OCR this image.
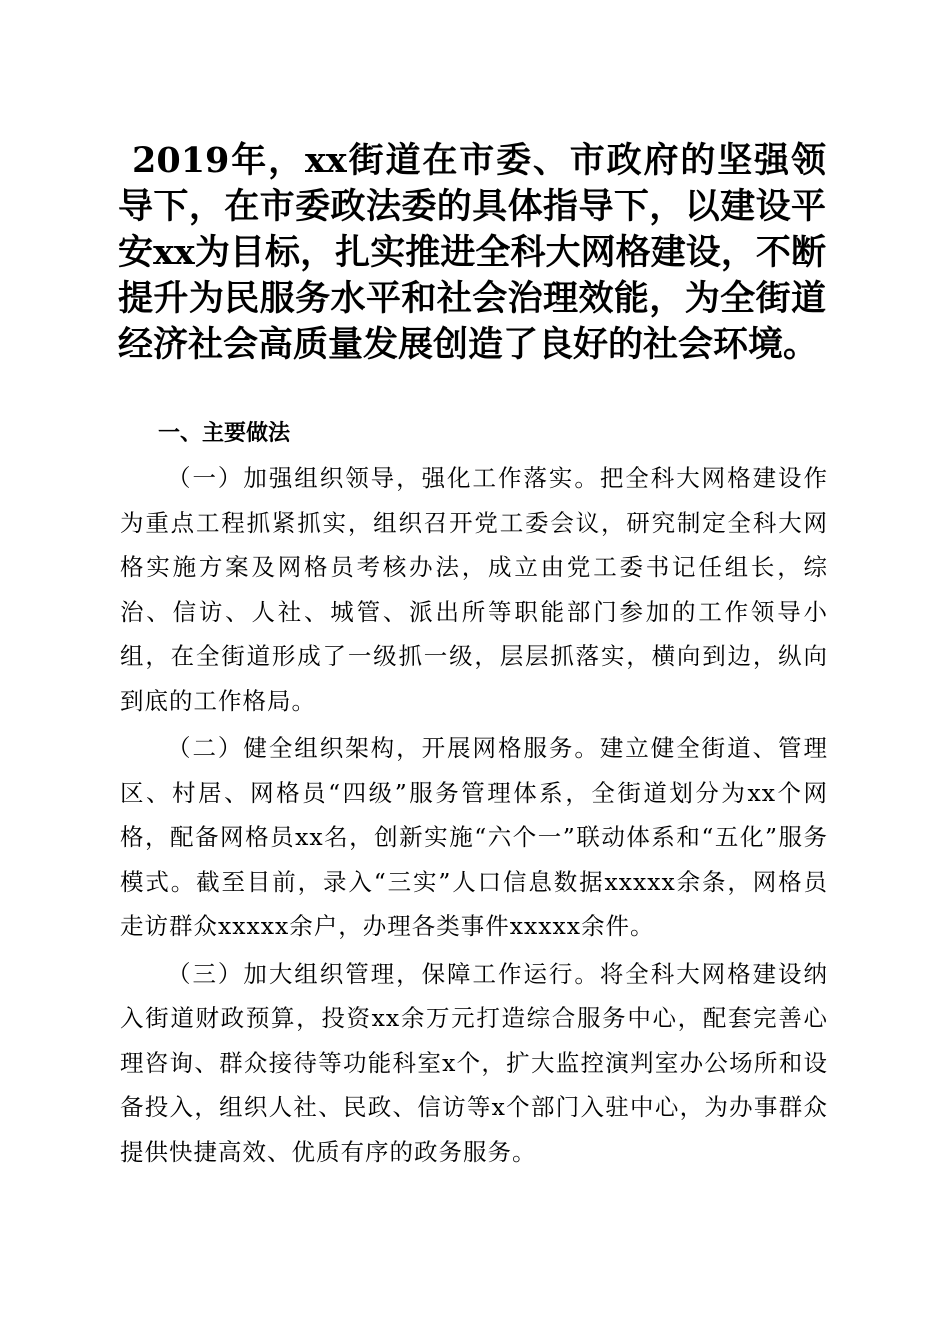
2019年，xx街道在市委、市政府的坚强领导下，在市委政法委的具体指导下，以建设平安xx为目标，扎实推进全科大网格建设，不断提升为民服务水平和社会治理效能，为全街道经济社会高质量发展创造了良好的社会环境。
一、主要做法

（一）加强组织领导，强化工作落实。把全科大网格建设作为重点工程抓紧抓实，组织召开党工委会议，研究制定全科大网格实施方案及网格员考核办法，成立由党工委书记任组长，综治、信访、人社、城管、派出所等职能部门参加的工作领导小组，在全街道形成了一级抓一级，层层抓落实，横向到边，纵向到底的工作格局。

（二）健全组织架构，开展网格服务。建立健全街道、管理区、村居、网格员“四级”服务管理体系，全街道划分为xx个网格，配备网格员xx名，创新实施“六个一”联动体系和“五化”服务模式。截至目前，录入“三实”人口信息数据xxxxx余条，网格员走访群众xxxxx余户，办理各类事件xxxxx余件。

（三）加大组织管理，保障工作运行。将全科大网格建设纳入街道财政预算，投资xx余万元打造综合服务中心，配套完善心理咨询、群众接待等功能科室x个，扩大监控演判室办公场所和设备投入，组织人社、民政、信访等x个部门入驻中心，为办事群众提供快捷高效、优质有序的政务服务。
